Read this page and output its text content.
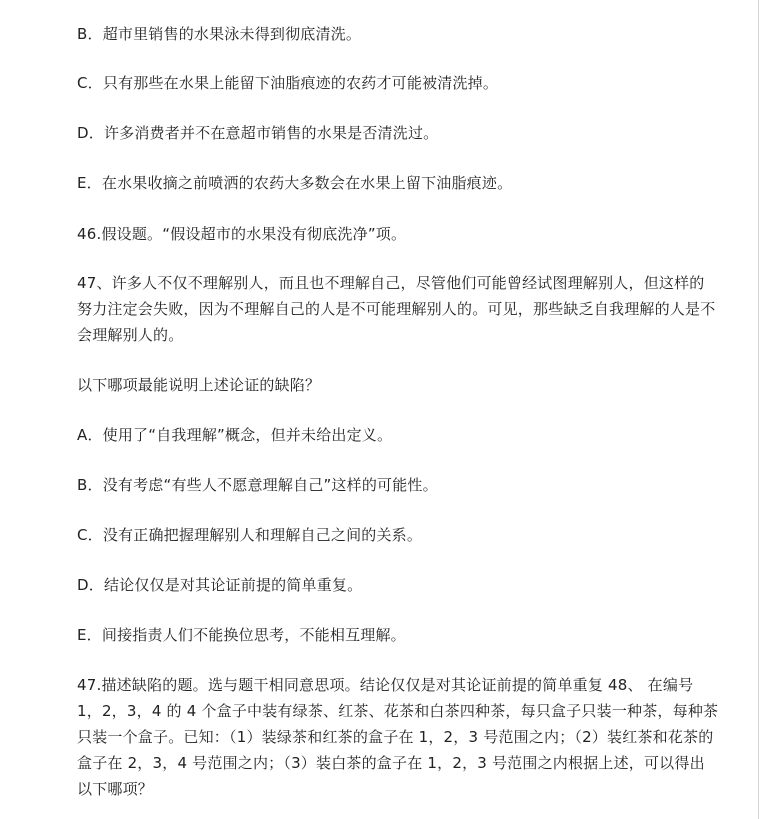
B．超市里销售的水果泳未得到彻底清洗。
C．只有那些在水果上能留下油脂痕迹的农药才可能被清洗掉。
D．许多消费者并不在意超市销售的水果是否清洗过。
E．在水果收摘之前喷洒的农药大多数会在水果上留下油脂痕迹。
46.假设题。“假设超市的水果没有彻底洗净”项。
47、许多人不仅不理解别人，而且也不理解自己，尽管他们可能曾经试图理解别人，但这样的努力注定会失败，因为不理解自己的人是不可能理解别人的。可见，那些缺乏自我理解的人是不会理解别人的。
以下哪项最能说明上述论证的缺陷？
A．使用了“自我理解”概念，但并未给出定义。
B．没有考虑“有些人不愿意理解自己”这样的可能性。
C．没有正确把握理解别人和理解自己之间的关系。
D．结论仅仅是对其论证前提的简单重复。
E．间接指责人们不能换位思考，不能相互理解。
47.描述缺陷的题。选与题干相同意思项。结论仅仅是对其论证前提的简单重复 48、 在编号 1，2，3，4 的 4 个盒子中装有绿茶、红茶、花茶和白茶四种茶，每只盒子只装一种茶，每种茶只装一个盒子。已知：（1）装绿茶和红茶的盒子在 1，2，3 号范围之内；（2）装红茶和花茶的盒子在 2，3，4 号范围之内；（3）装白茶的盒子在 1，2，3 号范围之内根据上述，可以得出以下哪项？
